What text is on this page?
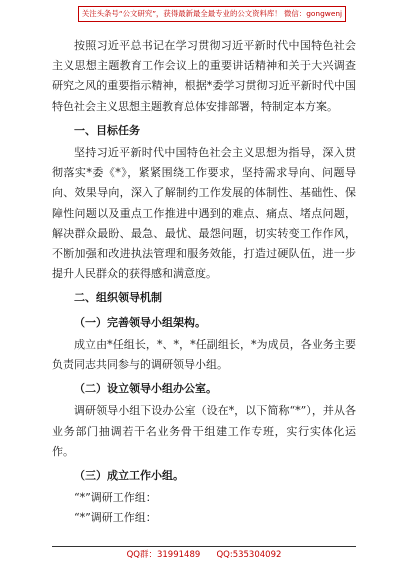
关注头条号“公文研究”，获得最新最全最专业的公文资料库！ 微信：gongwenj

按照习近平总书记在学习贯彻习近平新时代中国特色社会主义思想主题教育工作会议上的重要讲话精神和关于大兴调查研究之风的重要指示精神，根据*委学习贯彻习近平新时代中国特色社会主义思想主题教育总体安排部署，特制定本方案。

一、目标任务

坚持习近平新时代中国特色社会主义思想为指导，深入贯彻落实*委《*》，紧紧围绕工作要求，坚持需求导向、问题导向、效果导向，深入了解制约工作发展的体制性、基础性、保障性问题以及重点工作推进中遇到的难点、痛点、堵点问题，解决群众最盼、最急、最忧、最怨问题，切实转变工作作风，不断加强和改进执法管理和服务效能，打造过硬队伍，进一步提升人民群众的获得感和满意度。

二、组织领导机制

（一）完善领导小组架构。

成立由*任组长，*、*，*任副组长，*为成员，各业务主要负责同志共同参与的调研领导小组。

（二）设立领导小组办公室。

调研领导小组下设办公室（设在*，以下简称“*”），并从各业务部门抽调若干名业务骨干组建工作专班，实行实体化运作。

（三）成立工作小组。

“*”调研工作组：

“*”调研工作组：

QQ群：31991489      QQ:535304092
